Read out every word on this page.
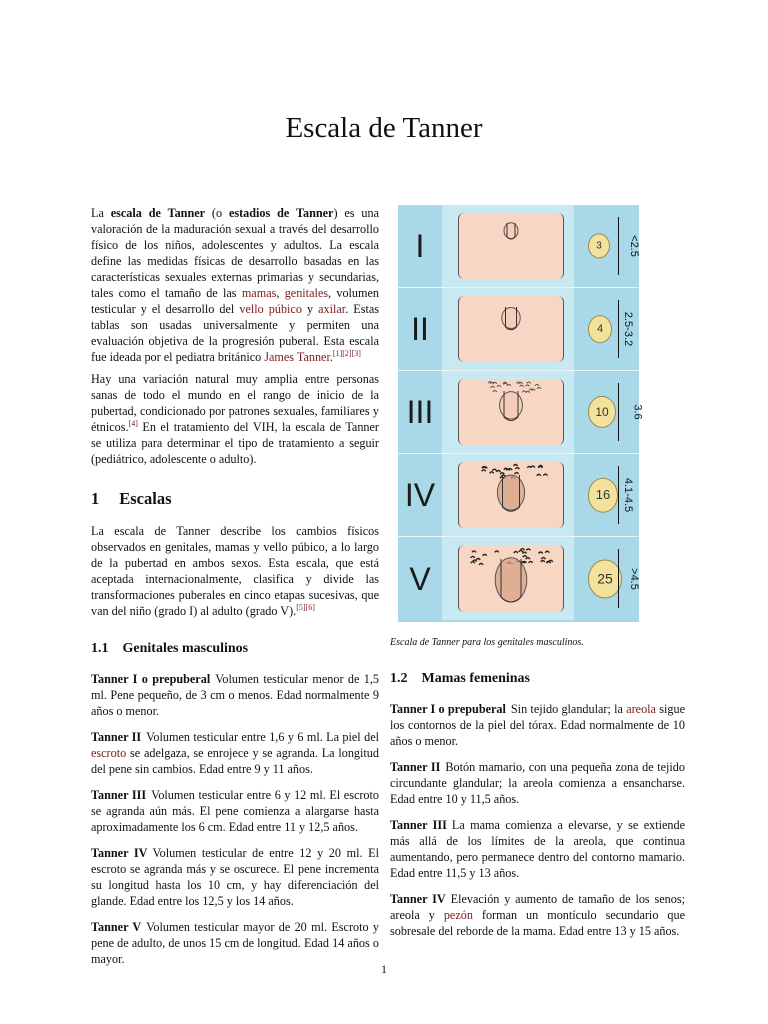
Escala de Tanner

La escala de Tanner (o estadios de Tanner) es una valoración de la maduración sexual a través del desarrollo físico de los niños, adolescentes y adultos. La escala define las medidas físicas de desarrollo basadas en las características sexuales externas primarias y secundarias, tales como el tamaño de las mamas, genitales, volumen testicular y el desarrollo del vello púbico y axilar. Estas tablas son usadas universalmente y permiten una evaluación objetiva de la progresión puberal. Esta escala fue ideada por el pediatra británico James Tanner.[1][2][3]

Hay una variación natural muy amplia entre personas sanas de todo el mundo en el rango de inicio de la pubertad, condicionado por patrones sexuales, familiares y étnicos.[4] En el tratamiento del VIH, la escala de Tanner se utiliza para determinar el tipo de tratamiento a seguir (pediátrico, adolescente o adulto).

1 Escalas

La escala de Tanner describe los cambios físicos observados en genitales, mamas y vello púbico, a lo largo de la pubertad en ambos sexos. Esta escala, que está aceptada internacionalmente, clasifica y divide las transformaciones puberales en cinco etapas sucesivas, que van del niño (grado I) al adulto (grado V).[5][6]

1.1 Genitales masculinos
Tanner I o prepuberal Volumen testicular menor de 1,5 ml. Pene pequeño, de 3 cm o menos. Edad normalmente 9 años o menor.
Tanner II Volumen testicular entre 1,6 y 6 ml. La piel del escroto se adelgaza, se enrojece y se agranda. La longitud del pene sin cambios. Edad entre 9 y 11 años.
Tanner III Volumen testicular entre 6 y 12 ml. El escroto se agranda aún más. El pene comienza a alargarse hasta aproximadamente los 6 cm. Edad entre 11 y 12,5 años.
Tanner IV Volumen testicular de entre 12 y 20 ml. El escroto se agranda más y se oscurece. El pene incrementa su longitud hasta los 10 cm, y hay diferenciación del glande. Edad entre los 12,5 y los 14 años.
Tanner V Volumen testicular mayor de 20 ml. Escroto y pene de adulto, de unos 15 cm de longitud. Edad 14 años o mayor.
I	3	<2.5
II	4	2.5-3.2
III	10	3.6
IV	16	4.1-4.5
V	25	>4.5

Escala de Tanner para los genitales masculinos.

1.2 Mamas femeninas
Tanner I o prepuberal Sin tejido glandular; la areola sigue los contornos de la piel del tórax. Edad normalmente de 10 años o menor.
Tanner II Botón mamario, con una pequeña zona de tejido circundante glandular; la areola comienza a ensancharse. Edad entre 10 y 11,5 años.
Tanner III La mama comienza a elevarse, y se extiende más allá de los límites de la areola, que continua aumentando, pero permanece dentro del contorno mamario. Edad entre 11,5 y 13 años.
Tanner IV Elevación y aumento de tamaño de los senos; areola y pezón forman un montículo secundario que sobresale del reborde de la mama. Edad entre 13 y 15 años.
1
